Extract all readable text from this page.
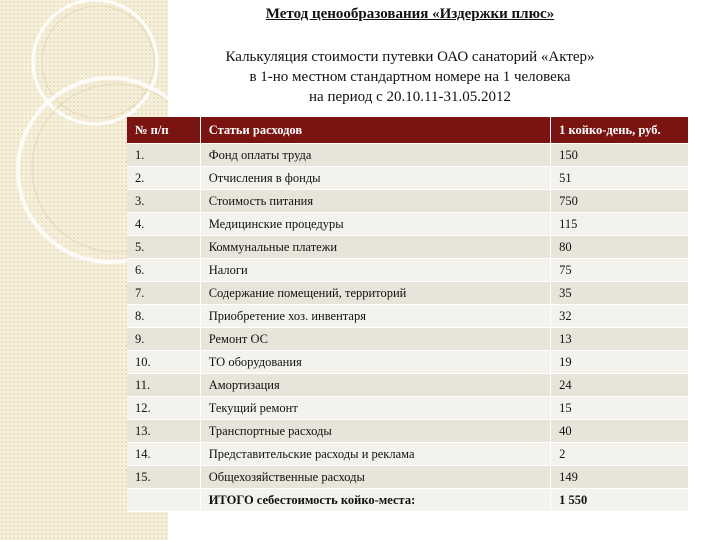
Метод ценообразования «Издержки плюс»
Калькуляция стоимости путевки ОАО санаторий «Актер»
в 1-но местном стандартном номере на 1 человека
на период с 20.10.11-31.05.2012
№ п/п	Статьи расходов	1 койко-день, руб.
1.	Фонд оплаты труда	150
2.	Отчисления в фонды	51
3.	Стоимость питания	750
4.	Медицинские процедуры	115
5.	Коммунальные платежи	80
6.	Налоги	75
7.	Содержание помещений, территорий	35
8.	Приобретение хоз. инвентаря	32
9.	Ремонт ОС	13
10.	ТО оборудования	19
11.	Амортизация	24
12.	Текущий ремонт	15
13.	Транспортные расходы	40
14.	Представительские расходы и реклама	2
15.	Общехозяйственные расходы	149
	ИТОГО себестоимость койко-места:	1 550
